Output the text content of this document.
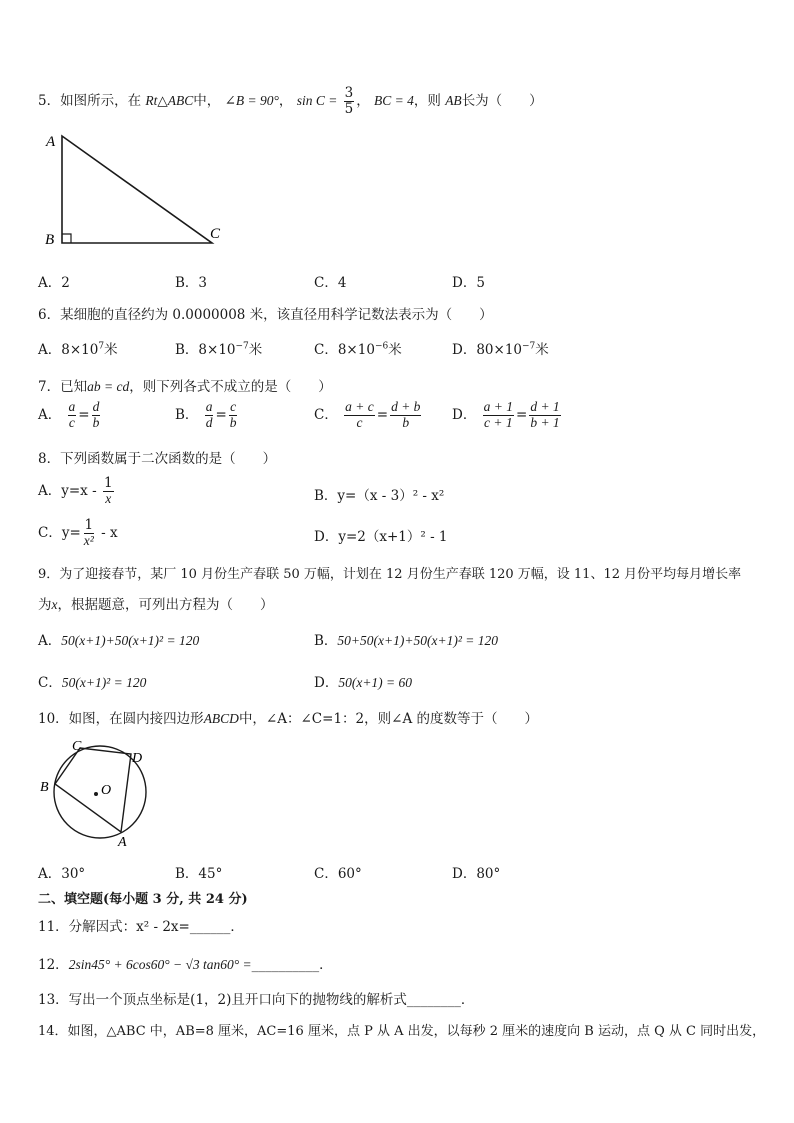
5．如图所示，在 Rt△ABC中， ∠B = 90°， $\sin C = \frac{3}{5}$ ， BC = 4，则 AB长为（　　）
A
B	C
A．2	B．3	C．4	D．5
6．某细胞的直径约为 0.0000008 米，该直径用科学记数法表示为（　　）
A．$8\times 10^7$米	B．$8\times 10^{-7}$米	C．$8\times 10^{-6}$米	D．$80\times 10^{-7}$米
7．已知ab = cd，则下列各式不成立的是（　　）
A． $\frac{a}{c} = \frac{d}{b}$	B． $\frac{a}{d} = \frac{c}{b}$	C． $\frac{a + c}{c} = \frac{d + b}{b}$ D． $\frac{a + 1}{c + 1} = \frac{d + 1}{b + 1}$
8．下列函数属于二次函数的是（　　）
A．$y=x - \frac{1}{x}$	B．y=（x - 3）² - x²
C．$y= \frac{1}{\text{x²}} - x$	D．y=2（x+1）² - 1
9．为了迎接春节，某厂 10 月份生产春联 50 万幅，计划在 12 月份生产春联 120 万幅，设 11、12 月份平均每月增长率
为x，根据题意，可列出方程为（　　）
A．50(x+1)+50(x+1)² = 120	B．50+50(x+1)+50(x+1)² = 120
C．50(x+1)² = 120	D．50(x+1) = 60
10．如图，在圆内接四边形ABCD中，∠A：∠C=1：2，则∠A 的度数等于（　　）
O
C
D
B
A
A．30°	B．45°	C．60°	D．80°
二、填空题(每小题 3 分, 共 24 分)
11．分解因式：x² - 2x=______．
12．2sin45° + 6cos60° − √3 tan60° =__________．
13．写出一个顶点坐标是(1，2)且开口向下的抛物线的解析式________．
14．如图，△ABC 中，AB=8 厘米，AC=16 厘米，点 P 从 A 出发，以每秒 2 厘米的速度向 B 运动，点 Q 从 C 同时出发，
